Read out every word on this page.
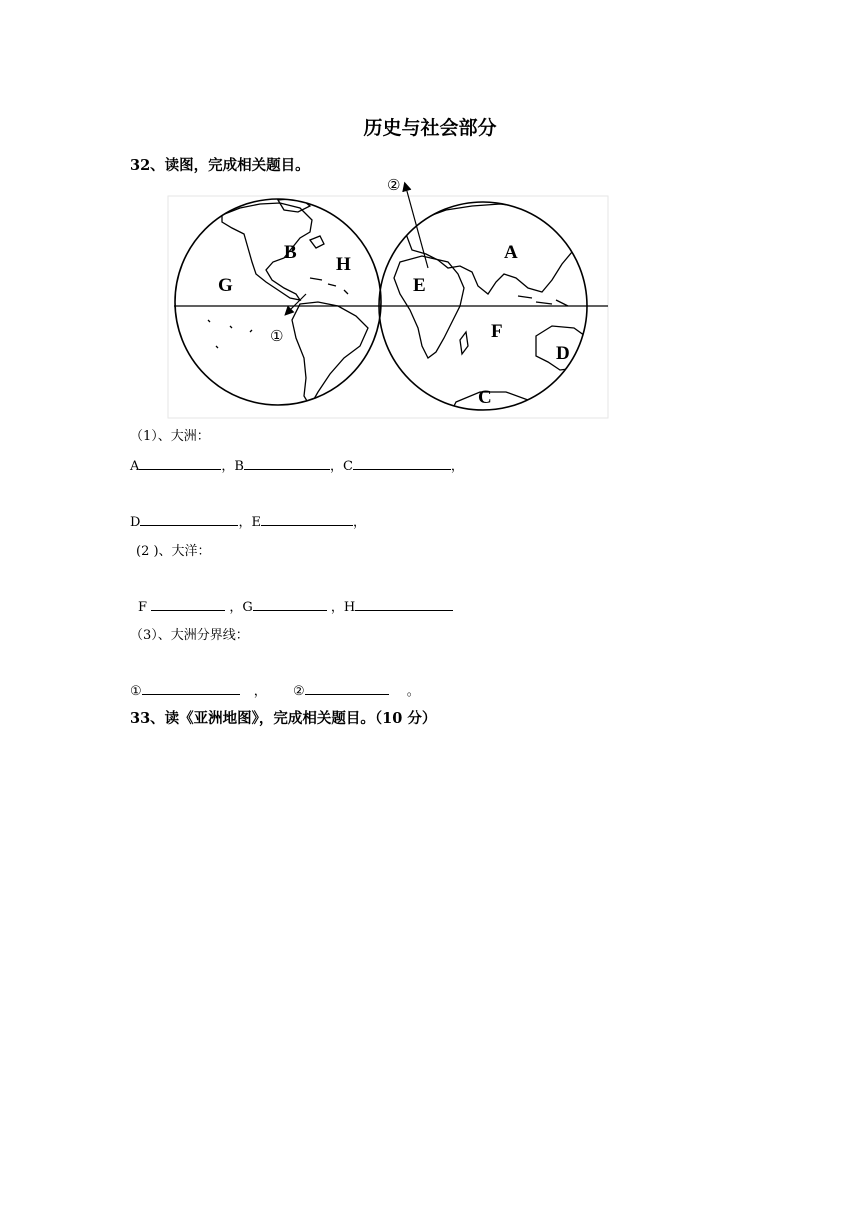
历史与社会部分
32、读图，完成相关题目。
B
H
G	E
A
F
D
C
①
②
（1）、大洲：
A	，B	，C	，
D	，E	，
(2 )、大洋：
F	，G	，H
（3）、大洲分界线：
①	， ②	。
33、读《亚洲地图》，完成相关题目。（10 分）
